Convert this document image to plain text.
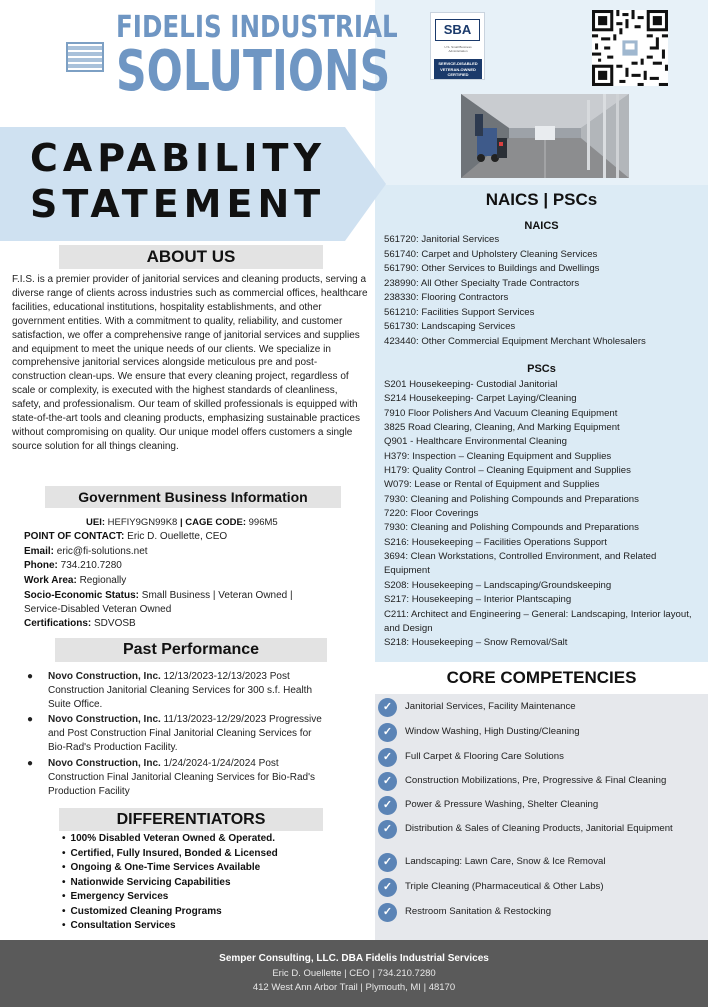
FIDELIS INDUSTRIAL
SOLUTIONS
CAPABILITY
STATEMENT
ABOUT US
F.I.S. is a premier provider of janitorial services and cleaning products, serving a diverse range of clients across industries such as commercial offices, healthcare facilities, educational institutions, hospitality establishments, and other government entities. With a commitment to quality, reliability, and customer satisfaction, we offer a comprehensive range of janitorial services and supplies and equipment to meet the unique needs of our clients. We specialize in comprehensive janitorial services alongside meticulous pre and post-construction clean-ups. We ensure that every cleaning project, regardless of scale or complexity, is executed with the highest standards of cleanliness, safety, and professionalism. Our team of skilled professionals is equipped with state-of-the-art tools and cleaning products, emphasizing sustainable practices without compromising on quality. Our unique model offers customers a single source solution for all things cleaning.
Government Business Information
UEI: HEFIY9GN99K8 | CAGE CODE: 996M5
POINT OF CONTACT: Eric D. Ouellette, CEO
Email: eric@fi-solutions.net
Phone: 734.210.7280
Work Area: Regionally
Socio-Economic Status: Small Business | Veteran Owned |
Service-Disabled Veteran Owned
Certifications: SDVOSB
Past Performance
● Novo Construction, Inc. 12/13/2023-12/13/2023 Post Construction Janitorial Cleaning Services for 300 s.f. Health Suite Office.
● Novo Construction, Inc. 11/13/2023-12/29/2023 Progressive and Post Construction Final Janitorial Cleaning Services for Bio-Rad's Production Facility.
● Novo Construction, Inc. 1/24/2024-1/24/2024 Post Construction Final Janitorial Cleaning Services for Bio-Rad's Production Facility
DIFFERENTIATORS
• 100% Disabled Veteran Owned & Operated.
• Certified, Fully Insured, Bonded & Licensed
• Ongoing & One-Time Services Available
• Nationwide Servicing Capabilities
• Emergency Services
• Customized Cleaning Programs
• Consultation Services
SBA
U.S. Small Business Administration
SERVICE-DISABLED
VETERAN-OWNED
CERTIFIED
NAICS | PSCs
NAICS
561720: Janitorial Services
561740: Carpet and Upholstery Cleaning Services
561790: Other Services to Buildings and Dwellings
238990: All Other Specialty Trade Contractors
238330: Flooring Contractors
561210: Facilities Support Services
561730: Landscaping Services
423440: Other Commercial Equipment Merchant Wholesalers
PSCs
S201 Housekeeping- Custodial Janitorial
S214 Housekeeping- Carpet Laying/Cleaning
7910 Floor Polishers And Vacuum Cleaning Equipment
3825 Road Clearing, Cleaning, And Marking Equipment
Q901 - Healthcare Environmental Cleaning
H379: Inspection – Cleaning Equipment and Supplies
H179: Quality Control – Cleaning Equipment and Supplies
W079: Lease or Rental of Equipment and Supplies
7930: Cleaning and Polishing Compounds and Preparations
7220: Floor Coverings
7930: Cleaning and Polishing Compounds and Preparations
S216: Housekeeping – Facilities Operations Support
3694: Clean Workstations, Controlled Environment, and Related Equipment
S208: Housekeeping – Landscaping/Groundskeeping
S217: Housekeeping – Interior Plantscaping
C211: Architect and Engineering – General: Landscaping, Interior layout, and Design
S218: Housekeeping – Snow Removal/Salt
CORE COMPETENCIES
✓	Janitorial Services, Facility Maintenance
✓	Window Washing, High Dusting/Cleaning
✓	Full Carpet & Flooring Care Solutions
✓	Construction Mobilizations, Pre, Progressive & Final Cleaning
✓	Power & Pressure Washing, Shelter Cleaning
✓	Distribution & Sales of Cleaning Products, Janitorial Equipment
✓	Landscaping: Lawn Care, Snow & Ice Removal
✓	Triple Cleaning (Pharmaceutical & Other Labs)
✓	Restroom Sanitation & Restocking
Semper Consulting, LLC. DBA Fidelis Industrial Services
Eric D. Ouellette | CEO | 734.210.7280
412 West Ann Arbor Trail | Plymouth, MI | 48170
